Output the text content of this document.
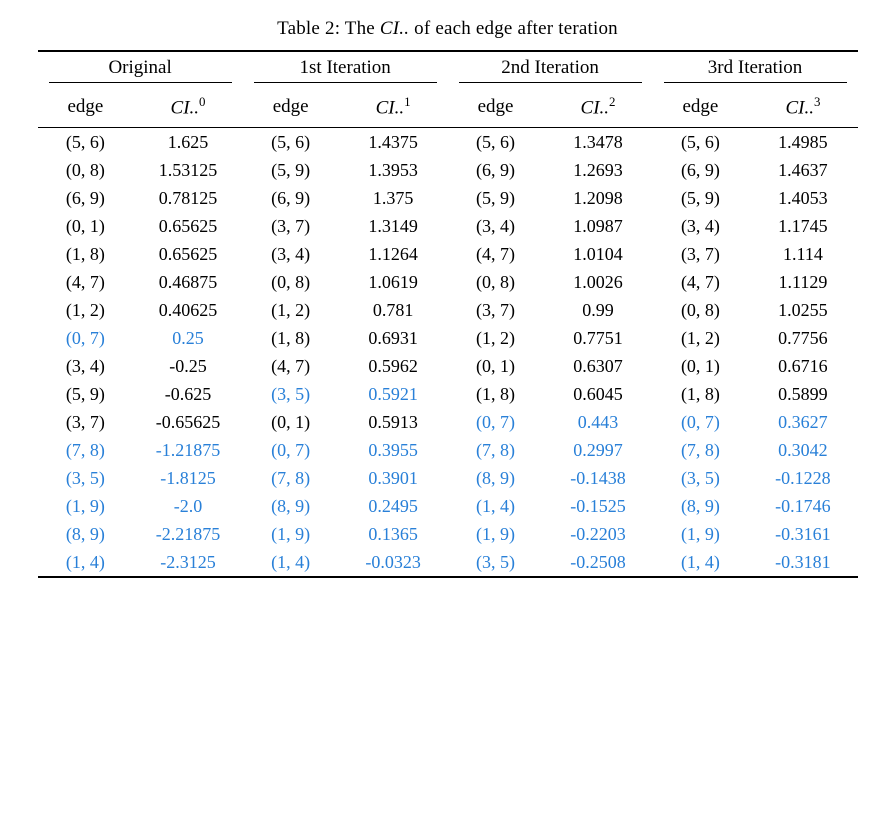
Table 2: The CI.. of each edge after teration

Original		1st Iteration		2nd Iteration		3rd Iteration	

edge	CI..$^0$	edge	CI..$^1$	edge	CI..$^2$	edge	CI..$^3$

(5, 6)	1.625	(5, 6)	1.4375	(5, 6)	1.3478	(5, 6)	1.4985
(0, 8)	1.53125	(5, 9)	1.3953	(6, 9)	1.2693	(6, 9)	1.4637
(6, 9)	0.78125	(6, 9)	1.375	(5, 9)	1.2098	(5, 9)	1.4053
(0, 1)	0.65625	(3, 7)	1.3149	(3, 4)	1.0987	(3, 4)	1.1745
(1, 8)	0.65625	(3, 4)	1.1264	(4, 7)	1.0104	(3, 7)	1.114
(4, 7)	0.46875	(0, 8)	1.0619	(0, 8)	1.0026	(4, 7)	1.1129
(1, 2)	0.40625	(1, 2)	0.781	(3, 7)	0.99	(0, 8)	1.0255
(0, 7)	0.25	(1, 8)	0.6931	(1, 2)	0.7751	(1, 2)	0.7756
(3, 4)	-0.25	(4, 7)	0.5962	(0, 1)	0.6307	(0, 1)	0.6716
(5, 9)	-0.625	(3, 5)	0.5921	(1, 8)	0.6045	(1, 8)	0.5899
(3, 7)	-0.65625	(0, 1)	0.5913	(0, 7)	0.443	(0, 7)	0.3627
(7, 8)	-1.21875	(0, 7)	0.3955	(7, 8)	0.2997	(7, 8)	0.3042
(3, 5)	-1.8125	(7, 8)	0.3901	(8, 9)	-0.1438	(3, 5)	-0.1228
(1, 9)	-2.0	(8, 9)	0.2495	(1, 4)	-0.1525	(8, 9)	-0.1746
(8, 9)	-2.21875	(1, 9)	0.1365	(1, 9)	-0.2203	(1, 9)	-0.3161
(1, 4)	-2.3125	(1, 4)	-0.0323	(3, 5)	-0.2508	(1, 4)	-0.3181
